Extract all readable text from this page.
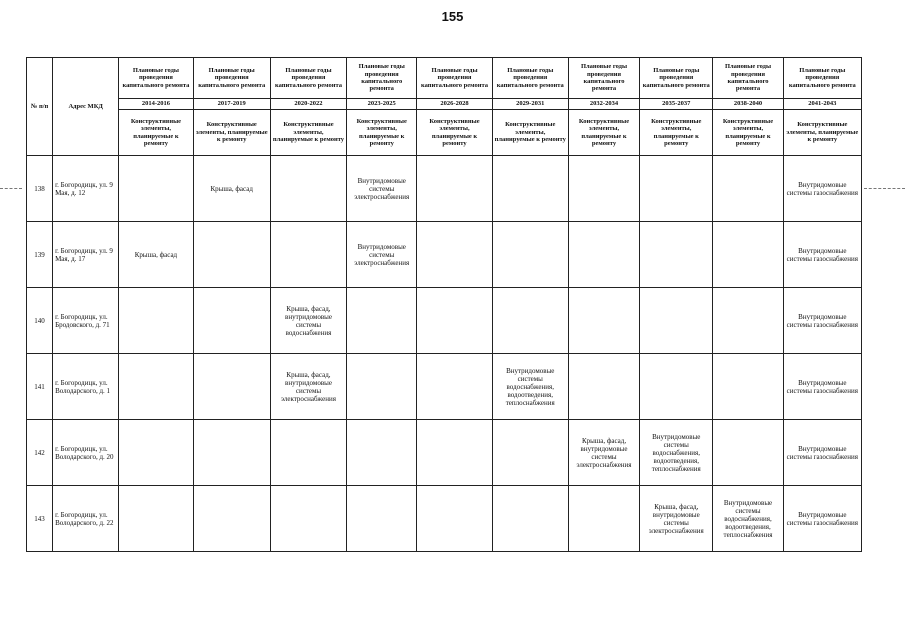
155
№ п/п	Адрес МКД	Плановые годы проведения капитального ремонта	Плановые годы проведения капитального ремонта	Плановые годы проведения капитального ремонта	Плановые годы проведения капитального ремонта	Плановые годы проведения капитального ремонта	Плановые годы проведения капитального ремонта	Плановые годы проведения капитального ремонта	Плановые годы проведения капитального ремонта	Плановые годы проведения капитального ремонта	Плановые годы проведения капитального ремонта
		2014-2016	2017-2019	2020-2022	2023-2025	2026-2028	2029-2031	2032-2034	2035-2037	2038-2040	2041-2043
		Конструктивные элементы, планируемые к ремонту	Конструктивные элементы, планируемые к ремонту	Конструктивные элементы, планируемые к ремонту	Конструктивные элементы, планируемые к ремонту	Конструктивные элементы, планируемые к ремонту	Конструктивные элементы, планируемые к ремонту	Конструктивные элементы, планируемые к ремонту	Конструктивные элементы, планируемые к ремонту	Конструктивные элементы, планируемые к ремонту	Конструктивные элементы, планируемые к ремонту
138	г. Богородицк, ул. 9 Мая, д. 12		Крыша, фасад		Внутридомовые системы электроснабжения						Внутридомовые системы газоснабжения
139	г. Богородицк, ул. 9 Мая, д. 17	Крыша, фасад			Внутридомовые системы электроснабжения						Внутридомовые системы газоснабжения
140	г. Богородицк, ул. Бродовского, д. 71			Крыша, фасад, внутридомовые системы водоснабжения							Внутридомовые системы газоснабжения
141	г. Богородицк, ул. Володарского, д. 1			Крыша, фасад, внутридомовые системы электроснабжения			Внутридомовые системы водоснабжения, водоотведения, теплоснабжения				Внутридомовые системы газоснабжения
142	г. Богородицк, ул. Володарского, д. 20							Крыша, фасад, внутридомовые системы электроснабжения	Внутридомовые системы водоснабжения, водоотведения, теплоснабжения		Внутридомовые системы газоснабжения
143	г. Богородицк, ул. Володарского, д. 22								Крыша, фасад, внутридомовые системы электроснабжения	Внутридомовые системы водоснабжения, водоотведения, теплоснабжения	Внутридомовые системы газоснабжения
